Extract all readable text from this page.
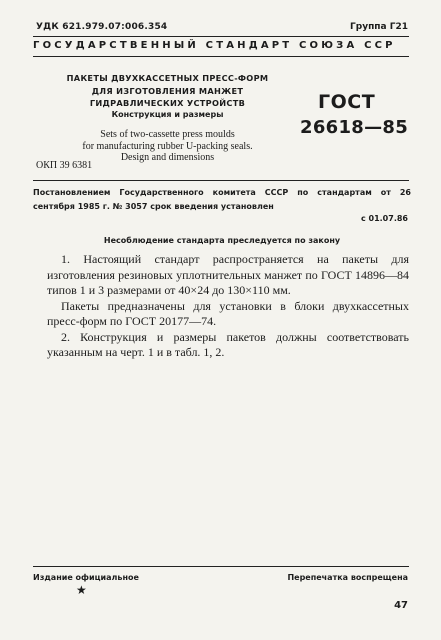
УДК 621.979.07:006.354	Группа Г21
ГОСУДАРСТВЕННЫЙ СТАНДАРТ СОЮЗА ССР
ПАКЕТЫ ДВУХКАССЕТНЫХ ПРЕСС-ФОРМ
ДЛЯ ИЗГОТОВЛЕНИЯ МАНЖЕТ
ГИДРАВЛИЧЕСКИХ УСТРОЙСТВ
Конструкция и размеры
Sets of two-cassette press moulds
for manufacturing rubber U-packing seals.
Design and dimensions
ГОСТ
26618—85
ОКП 39 6381
Постановлением Государственного комитета СССР по стандартам от 26 сентября 1985 г. № 3057 срок введения установлен
с 01.07.86
Несоблюдение стандарта преследуется по закону

1. Настоящий стандарт распространяется на пакеты для изготовления резиновых уплотнительных манжет по ГОСТ 14896—84 типов 1 и 3 размерами от 40×24 до 130×110 мм.

Пакеты предназначены для установки в блоки двухкассетных пресс-форм по ГОСТ 20177—74.

2. Конструкция и размеры пакетов должны соответствовать указанным на черт. 1 и в табл. 1, 2.

Издание официальное
★
Перепечатка воспрещена
47
